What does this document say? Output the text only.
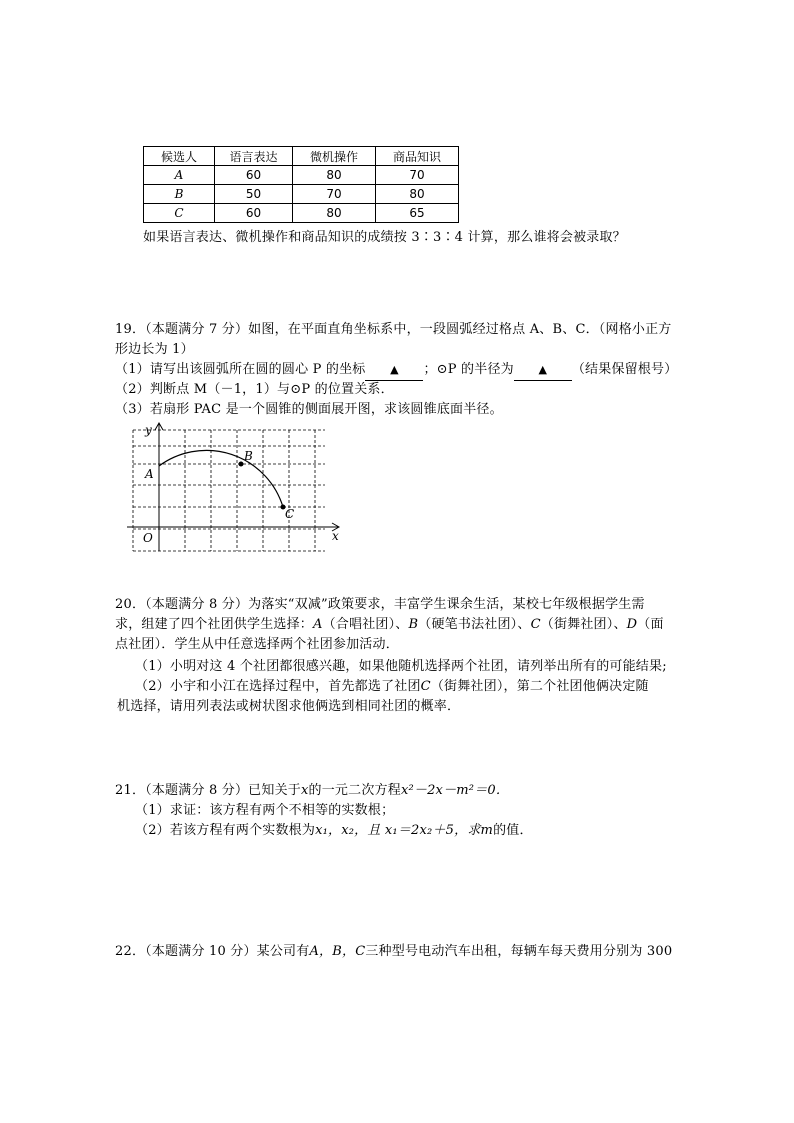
候选人	语言表达	微机操作	商品知识
A	60	80	70
B	50	70	80
C	60	80	65
如果语言表达、微机操作和商品知识的成绩按 3∶3∶4 计算，那么谁将会被录取？
19．（本题满分 7 分）如图，在平面直角坐标系中，一段圆弧经过格点 A、B、C．（网格小正方
形边长为 1）
（1）请写出该圆弧所在圆的圆心 P 的坐标 ▲ ；⊙P 的半径为 ▲ （结果保留根号）
（2）判断点 M（－1，1）与⊙P 的位置关系．
（3）若扇形 PAC 是一个圆锥的侧面展开图，求该圆锥底面半径。
y
x
O
A
B
C
20．（本题满分 8 分）为落实“双减”政策要求，丰富学生课余生活，某校七年级根据学生需
求，组建了四个社团供学生选择：A（合唱社团）、B（硬笔书法社团）、C（街舞社团）、D（面
点社团）．学生从中任意选择两个社团参加活动．
（1）小明对这 4 个社团都很感兴趣，如果他随机选择两个社团，请列举出所有的可能结果;
（2）小宇和小江在选择过程中，首先都选了社团C（街舞社团），第二个社团他俩决定随
机选择，请用列表法或树状图求他俩选到相同社团的概率．
21．（本题满分 8 分）已知关于x的一元二次方程x²－2x－m²＝0．
（1）求证：该方程有两个不相等的实数根；
（2）若该方程有两个实数根为x₁，x₂，且 x₁＝2x₂＋5，求m的值．
22．（本题满分 10 分）某公司有A，B，C三种型号电动汽车出租，每辆车每天费用分别为 300
